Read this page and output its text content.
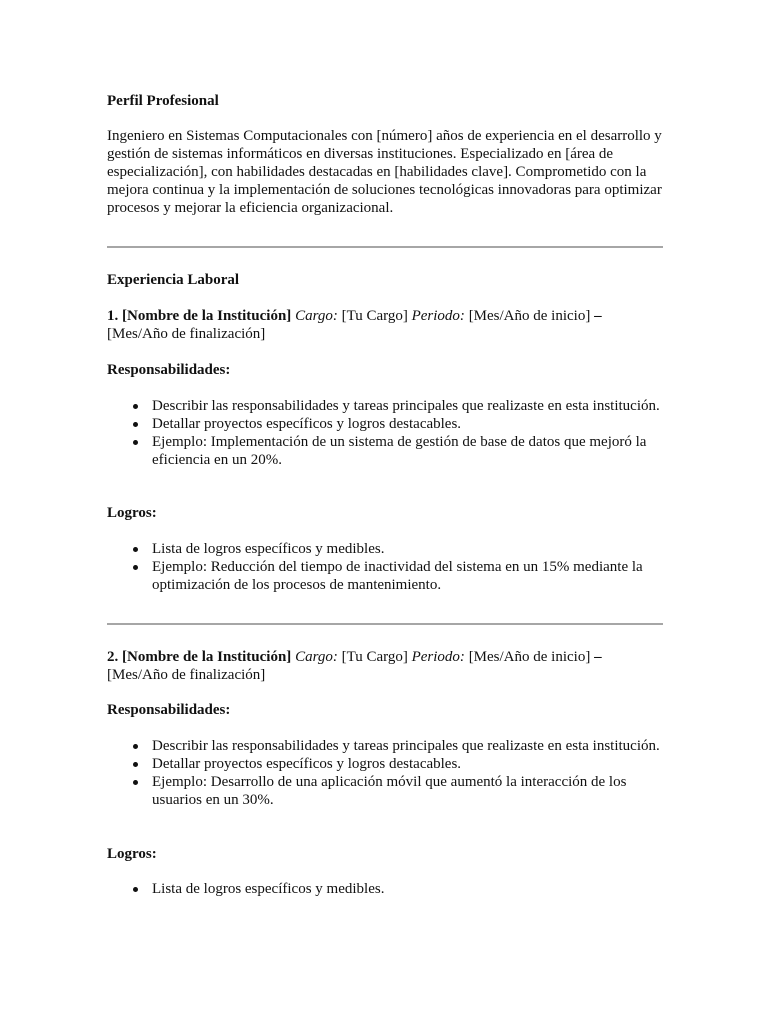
Perfil Profesional

Ingeniero en Sistemas Computacionales con [número] años de experiencia en el desarrollo y gestión de sistemas informáticos en diversas instituciones. Especializado en [área de especialización], con habilidades destacadas en [habilidades clave]. Comprometido con la mejora continua y la implementación de soluciones tecnológicas innovadoras para optimizar procesos y mejorar la eficiencia organizacional.

Experiencia Laboral

1. [Nombre de la Institución] Cargo: [Tu Cargo] Periodo: [Mes/Año de inicio] – [Mes/Año de finalización]

Responsabilidades:
Describir las responsabilidades y tareas principales que realizaste en esta institución.
Detallar proyectos específicos y logros destacables.
Ejemplo: Implementación de un sistema de gestión de base de datos que mejoró la eficiencia en un 20%.
Logros:
Lista de logros específicos y medibles.
Ejemplo: Reducción del tiempo de inactividad del sistema en un 15% mediante la optimización de los procesos de mantenimiento.

2. [Nombre de la Institución] Cargo: [Tu Cargo] Periodo: [Mes/Año de inicio] – [Mes/Año de finalización]

Responsabilidades:
Describir las responsabilidades y tareas principales que realizaste en esta institución.
Detallar proyectos específicos y logros destacables.
Ejemplo: Desarrollo de una aplicación móvil que aumentó la interacción de los usuarios en un 30%.
Logros:
Lista de logros específicos y medibles.
